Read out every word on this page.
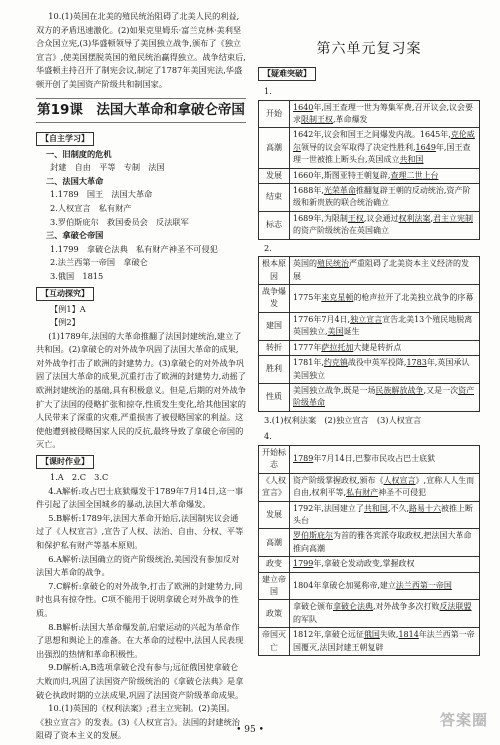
10.(1)英国在北美的殖民统治阻碍了北美人民的利益,双方的矛盾迅速激化。(2)如果克里姆乐·富兰克林·美利坚合众国立宪,(3)华盛顿领导了美国独立战争,颁布了《独立宣言》,使美国摆脱英国的殖民统治赢得独立。战争结束后,华盛顿主持召开了制宪会议,制定了1787年美国宪法,华盛顿开创了美国资产阶级共和制国家。

第19课　法国大革命和拿破仑帝国
【自主学习】

一、旧制度的危机

封建　自由　平等　专制　法国

二、法国大革命

1.1789　国王　法国大革命

2.人权宣言　私有财产

3.罗伯斯庇尔　救国委员会　反法联军

三、拿破仑帝国

1.1799　拿破仑法典　私有财产神圣不可侵犯

2.法兰西第一帝国　拿破仑

3.俄国　1815

【互动探究】

【例1】A

【例2】

(1)1789年,法国的大革命推翻了法国封建统治,建立了共和国。(2)拿破仑的对外战争巩固了法国大革命的成果,对外战争打击了欧洲的封建势力。(3)拿破仑的对外战争巩固了法国大革命的成果,沉重打击了欧洲的封建势力,动摇了欧洲封建统治的基础,具有积极意义。但是,后期的对外战争扩大了法国的侵略扩张和掠夺,性质发生变化,给其他国家的人民带来了深重的灾难,严重损害了被侵略国家的利益。这使他遭到被侵略国家人民的反抗,最终导致了拿破仑帝国的灭亡。

【课时作业】

1.A　2.C　3.C

4.A解析:攻占巴士底狱爆发于1789年7月14日,这一事件引起了法国全国城乡的暴动,法国大革命爆发。

5.B解析:1789年,法国大革命开始后,法国制宪议会通过了《人权宣言》,宣告了人权、法治、自由、分权、平等和保护私有财产等基本原则。

6.A解析:法国确立的资产阶级统治,美国没有参加反对法国大革命的战争。

7.C解析:拿破仑的对外战争,打击了欧洲的封建势力,同时也具有掠夺性。C项不能用于说明拿破仑对外战争的性质。

8.B解析:法国大革命爆发前,启蒙运动的兴起为革命作了思想和舆论上的准备。在大革命的过程中,法国人民表现出强烈的热情和革命积极性。

9.D解析:A,B选项拿破仑没有参与;远征俄国使拿破仑大败而归,巩固了法国资产阶级统治的《拿破仑法典》是拿破仑执政时期的立法成果,巩固了法国资产阶级革命成果。

10.(1)英国的《权利法案》;君主立宪制。(2)美国。《独立宣言》的发表。(3)《人权宣言》。法国的封建统治阻碍了资本主义的发展。

第六单元复习案
【疑难突破】

1.

开始	1640年,国王查理一世为筹集军费,召开议会,议会要求限制王权,革命爆发
高潮	1642年,议会和国王之间爆发内战。1645年,克伦威尔领导的议会军取得了决定性胜利,1649年,国王查理一世被推上断头台,英国成立共和国
发展	1660年,斯图亚特王朝复辟,查理二世上台
结束	1688年,光荣革命推翻复辟王朝的反动统治,资产阶级和新贵族的联合统治确立
标志	1689年,为限制王权,议会通过权利法案,君主立宪制的资产阶级统治在英国确立

2.

根本原因	英国的殖民统治严重阻碍了北美资本主义经济的发展
战争爆发	1775年来克星顿的枪声拉开了北美独立战争的序幕
建国	1776年7月4日,独立宣言宣告北美13个殖民地脱离英国独立,美国诞生
转折	1777年萨拉托加大捷是转折点
胜利	1781年,约克镇战役中英军投降,1783年,英国承认美国独立
性质	美国独立战争,既是一场民族解放战争,又是一次资产阶级革命

3.(1)权利法案　(2)独立宣言　(3)人权宣言

4.

开始标志	1789年7月14日,巴黎市民攻占巴士底狱
《人权宣言》	资产阶级掌握政权,颁布《人权宣言》,宣称人人生而自由,权利平等,私有财产神圣不可侵犯
发展	1792年,法国建立了共和国,不久,路易十六被推上断头台
高潮	罗伯斯庇尔为首的雅各宾派夺取政权,把法国大革命推向高潮
政变	1799年,拿破仑发动政变,掌握政权
建立帝国	1804年拿破仑加冕称帝,建立法兰西第一帝国
政策	拿破仑颁布拿破仑法典,对外战争多次打败反法联盟的军队
帝国灭亡	1812年,拿破仑远征俄国失败,1814年法兰西第一帝国覆灭,法国封建王朝复辟
• 95 •
答案圈
